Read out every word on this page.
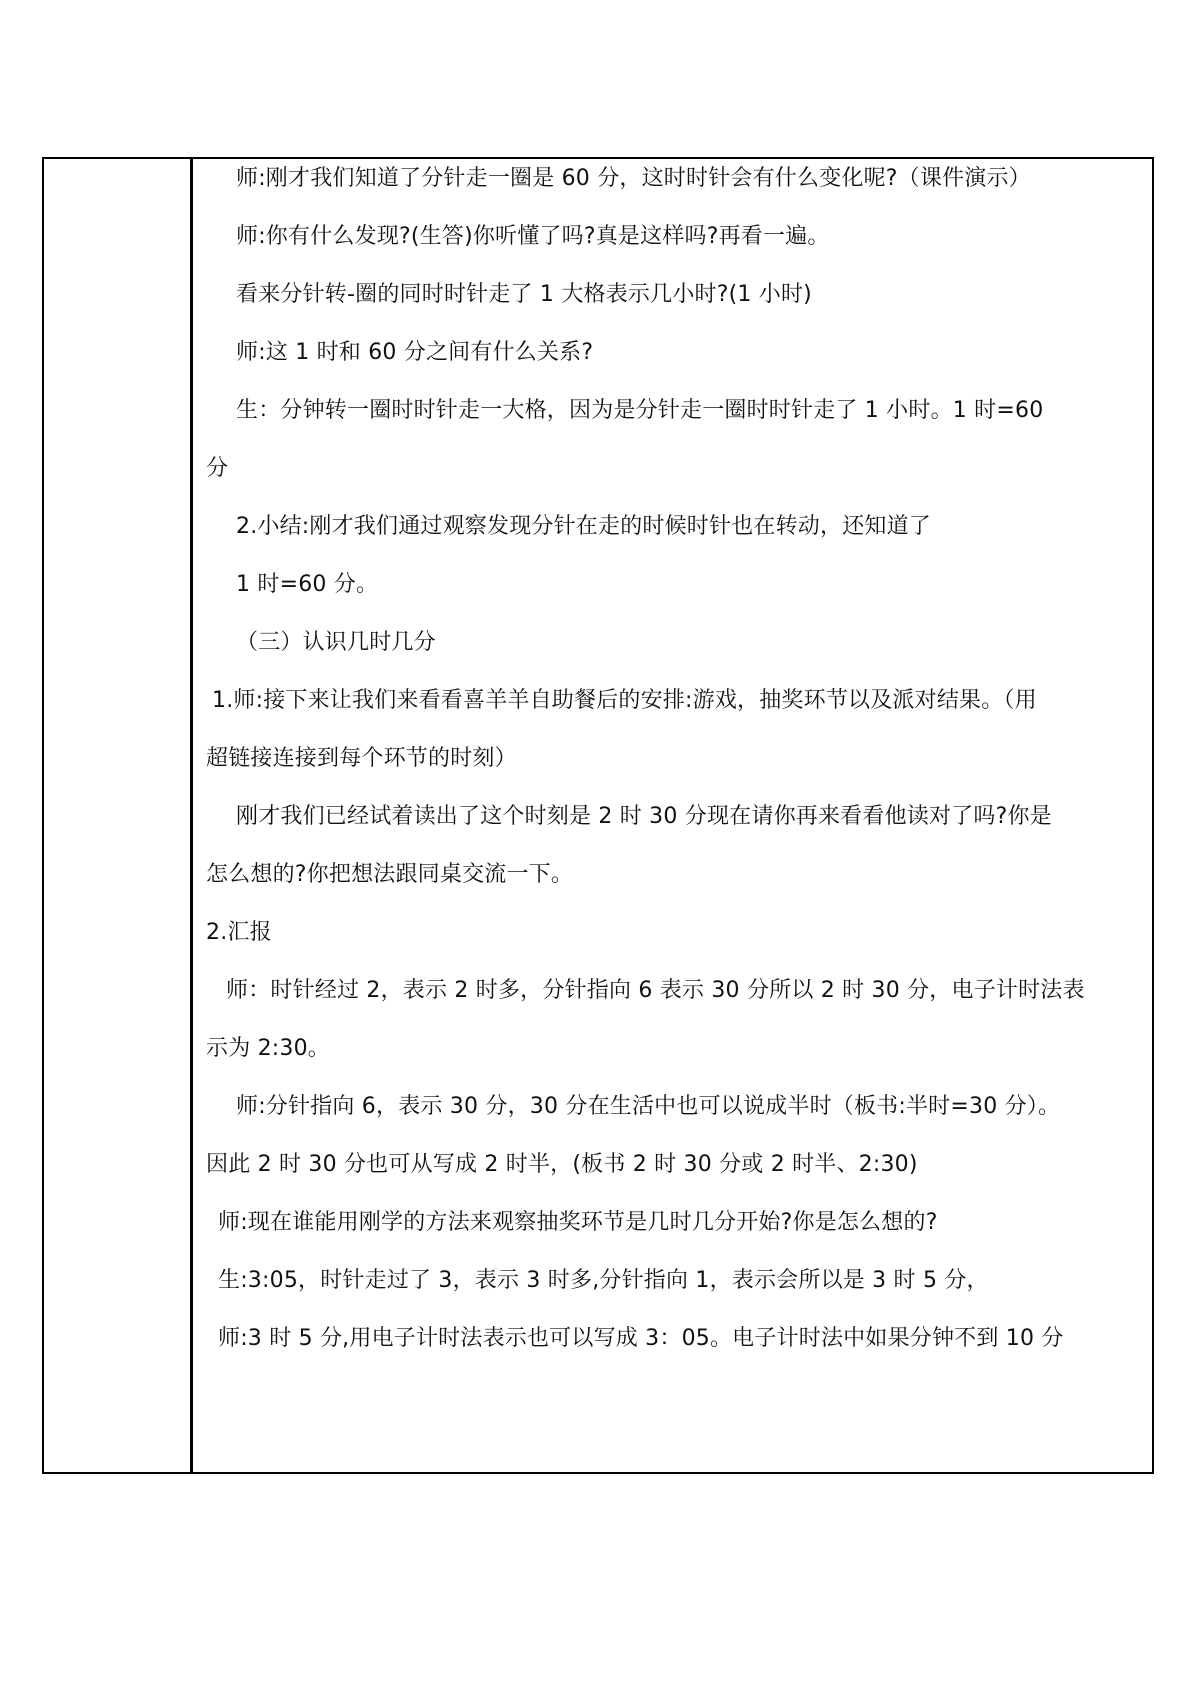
师:刚才我们知道了分针走一圈是 60 分，这时时针会有什么变化呢?（课件演示）
师:你有什么发现?(生答)你听懂了吗?真是这样吗?再看一遍。
看来分针转-圈的同时时针走了 1 大格表示几小时?(1 小时)
师:这 1 时和 60 分之间有什么关系?
生：分钟转一圈时时针走一大格，因为是分针走一圈时时针走了 1 小时。1 时=60
分
2.小结:刚才我们通过观察发现分针在走的时候时针也在转动，还知道了
1 时=60 分。
（三）认识几时几分
1.师:接下来让我们来看看喜羊羊自助餐后的安排:游戏，抽奖环节以及派对结果。（用
超链接连接到每个环节的时刻）
刚才我们已经试着读出了这个时刻是 2 时 30 分现在请你再来看看他读对了吗?你是
怎么想的?你把想法跟同桌交流一下。
2.汇报
师：时针经过 2，表示 2 时多，分针指向 6 表示 30 分所以 2 时 30 分，电子计时法表
示为 2:30。
师:分针指向 6，表示 30 分，30 分在生活中也可以说成半时（板书:半时=30 分）。
因此 2 时 30 分也可从写成 2 时半，(板书 2 时 30 分或 2 时半、2:30)
师:现在谁能用刚学的方法来观察抽奖环节是几时几分开始?你是怎么想的?
生:3:05，时针走过了 3，表示 3 时多,分针指向 1，表示会所以是 3 时 5 分，
师:3 时 5 分,用电子计时法表示也可以写成 3：05。电子计时法中如果分钟不到 10 分
